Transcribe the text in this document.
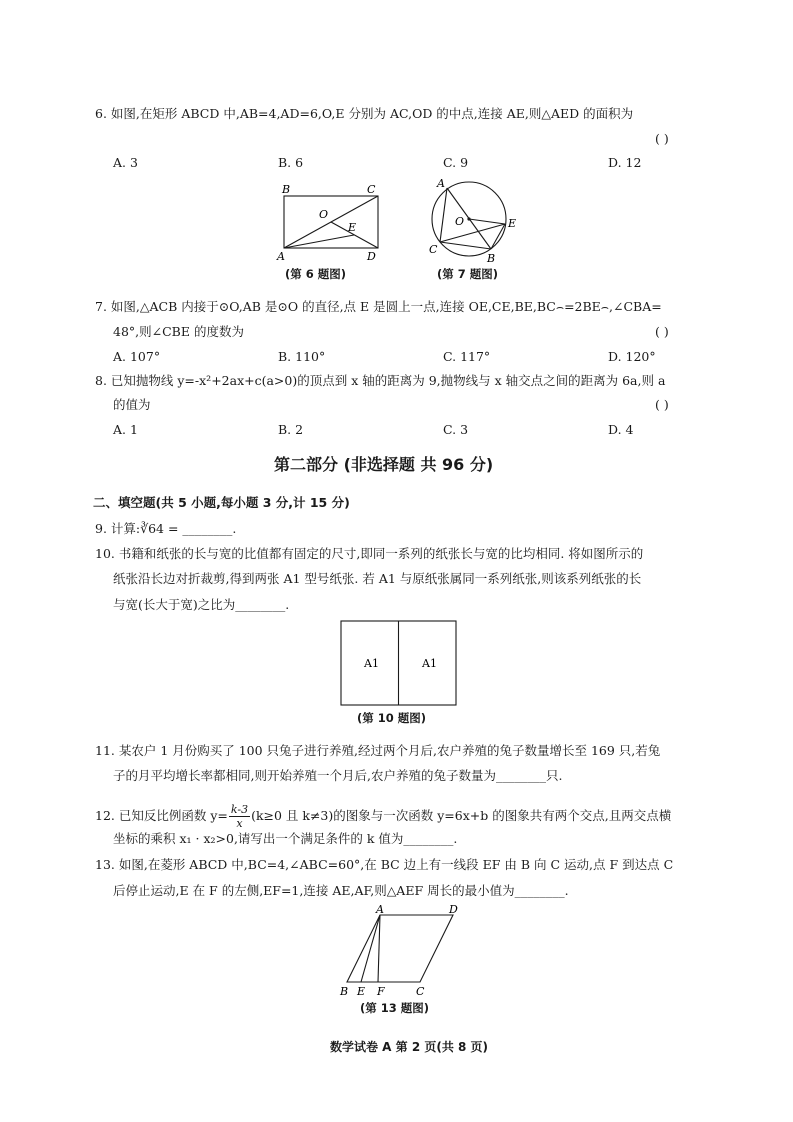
6. 如图,在矩形 ABCD 中,AB=4,AD=6,O,E 分别为 AC,OD 的中点,连接 AE,则△AED 的面积为
( )
A. 3	B. 6	C. 9	D. 12
B	C
A	D
O
E
(第 6 题图)
A
O	E
C
B
(第 7 题图)
7. 如图,△ACB 内接于⊙O,AB 是⊙O 的直径,点 E 是圆上一点,连接 OE,CE,BE,BC⌢=2BE⌢,∠CBA=
48°,则∠CBE 的度数为	( )
A. 107°	B. 110°	C. 117°	D. 120°
8. 已知抛物线 y=-x²+2ax+c(a>0)的顶点到 x 轴的距离为 9,抛物线与 x 轴交点之间的距离为 6a,则 a
的值为	( )
A. 1	B. 2	C. 3	D. 4
第二部分 (非选择题 共 96 分)
二、填空题(共 5 小题,每小题 3 分,计 15 分)
9. 计算:∛64 = ________.
10. 书籍和纸张的长与宽的比值都有固定的尺寸,即同一系列的纸张长与宽的比均相同. 将如图所示的
纸张沿长边对折裁剪,得到两张 A1 型号纸张. 若 A1 与原纸张属同一系列纸张,则该系列纸张的长
与宽(长大于宽)之比为________.
A1	A1
(第 10 题图)
11. 某农户 1 月份购买了 100 只兔子进行养殖,经过两个月后,农户养殖的兔子数量增长至 169 只,若兔
子的月平均增长率都相同,则开始养殖一个月后,农户养殖的兔子数量为________只.
12. 已知反比例函数 $y= \frac{k-3}{x} (k\ge 0$ 且 k≠3)的图象与一次函数 y=6x+b 的图象共有两个交点,且两交点横
坐标的乘积 x₁ · x₂>0,请写出一个满足条件的 k 值为________.
13. 如图,在菱形 ABCD 中,BC=4,∠ABC=60°,在 BC 边上有一线段 EF 由 B 向 C 运动,点 F 到达点 C
后停止运动,E 在 F 的左侧,EF=1,连接 AE,AF,则△AEF 周长的最小值为________.
A	D
B E F	C
(第 13 题图)
数学试卷 A 第 2 页(共 8 页)
